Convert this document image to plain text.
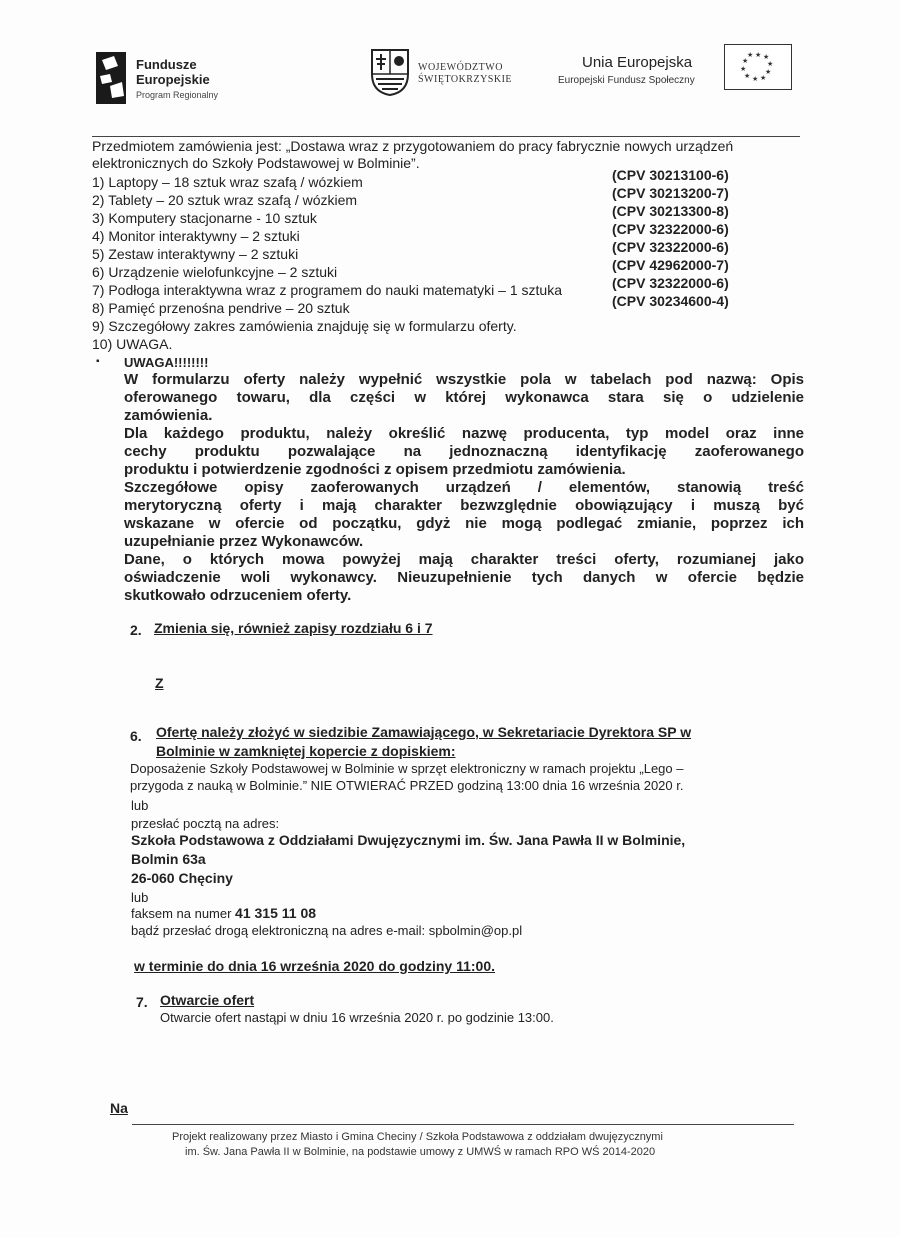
Fundusze
Europejskie
Program Regionalny
WOJEWÓDZTWO
ŚWIĘTOKRZYSKIE
Unia Europejska
Europejski Fundusz Społeczny
★ ★
★
★
★
★
★
★
★
★
Przedmiotem zamówienia jest: „Dostawa wraz z przygotowaniem do pracy fabrycznie nowych urządzeń
elektronicznych do Szkoły Podstawowej w Bolminie”.
1) Laptopy – 18 sztuk wraz szafą / wózkiem
2) Tablety – 20 sztuk wraz szafą / wózkiem
3) Komputery stacjonarne - 10 sztuk
4) Monitor interaktywny – 2 sztuki
5) Zestaw interaktywny – 2 sztuki
6) Urządzenie wielofunkcyjne – 2 sztuki
7) Podłoga interaktywna wraz z programem do nauki matematyki – 1 sztuka
8) Pamięć przenośna pendrive – 20 sztuk
9) Szczegółowy zakres zamówienia znajduję się w formularzu oferty.
10) UWAGA.
(CPV 30213100-6)
(CPV 30213200-7)
(CPV 30213300-8)
(CPV 32322000-6)
(CPV 32322000-6)
(CPV 42962000-7)
(CPV 32322000-6)
(CPV 30234600-4)
▪ UWAGA!!!!!!!!
W formularzu oferty należy wypełnić wszystkie pola w tabelach pod nazwą: Opis
oferowanego towaru, dla części w której wykonawca stara się o udzielenie
zamówienia.
Dla każdego produktu, należy określić nazwę producenta, typ model oraz inne
cechy produktu pozwalające na jednoznaczną identyfikację zaoferowanego
produktu i potwierdzenie zgodności z opisem przedmiotu zamówienia.
Szczegółowe opisy zaoferowanych urządzeń / elementów, stanowią treść
merytoryczną oferty i mają charakter bezwzględnie obowiązujący i muszą być
wskazane w ofercie od początku, gdyż nie mogą podlegać zmianie, poprzez ich
uzupełnianie przez Wykonawców.
Dane, o których mowa powyżej mają charakter treści oferty, rozumianej jako
oświadczenie woli wykonawcy. Nieuzupełnienie tych danych w ofercie będzie
skutkowało odrzuceniem oferty.
2. Zmienia się, również zapisy rozdziału 6 i 7
Z
6. Ofertę należy złożyć w siedzibie Zamawiającego, w Sekretariacie Dyrektora SP w
Bolminie w zamkniętej kopercie z dopiskiem:
Doposażenie Szkoły Podstawowej w Bolminie w sprzęt elektroniczny w ramach projektu „Lego –
przygoda z nauką w Bolminie.” NIE OTWIERAĆ PRZED godziną 13:00 dnia 16 września 2020 r.
lub
przesłać pocztą na adres:
Szkoła Podstawowa z Oddziałami Dwujęzycznymi im. Św. Jana Pawła II w Bolminie,
Bolmin 63a
26-060 Chęciny
lub
faksem na numer 41 315 11 08
bądź przesłać drogą elektroniczną na adres e-mail: spbolmin@op.pl
w terminie do dnia 16 września 2020 do godziny 11:00.
7. Otwarcie ofert
Otwarcie ofert nastąpi w dniu 16 września 2020 r. po godzinie 13:00.
Na
Projekt realizowany przez Miasto i Gmina Checiny / Szkoła Podstawowa z oddziałam dwujęzycznymi
im. Św. Jana Pawła II w Bolminie, na podstawie umowy z UMWŚ w ramach RPO WŚ 2014-2020
